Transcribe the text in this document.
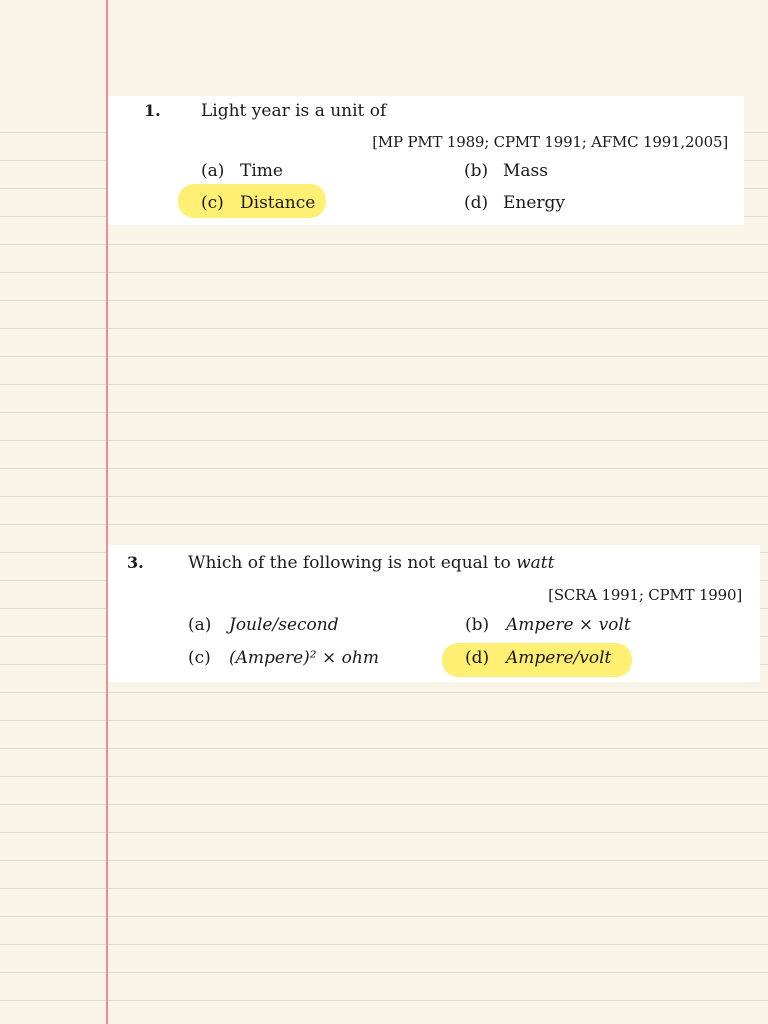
1. Light year is a unit of
[MP PMT 1989; CPMT 1991; AFMC 1991,2005]
(a) Time	(b) Mass
(c) Distance	(d) Energy
3.	Which of the following is not equal to watt
[SCRA 1991; CPMT 1990]
(a) Joule/second	(b) Ampere × volt
(c) (Ampere)² × ohm	(d) Ampere/volt
